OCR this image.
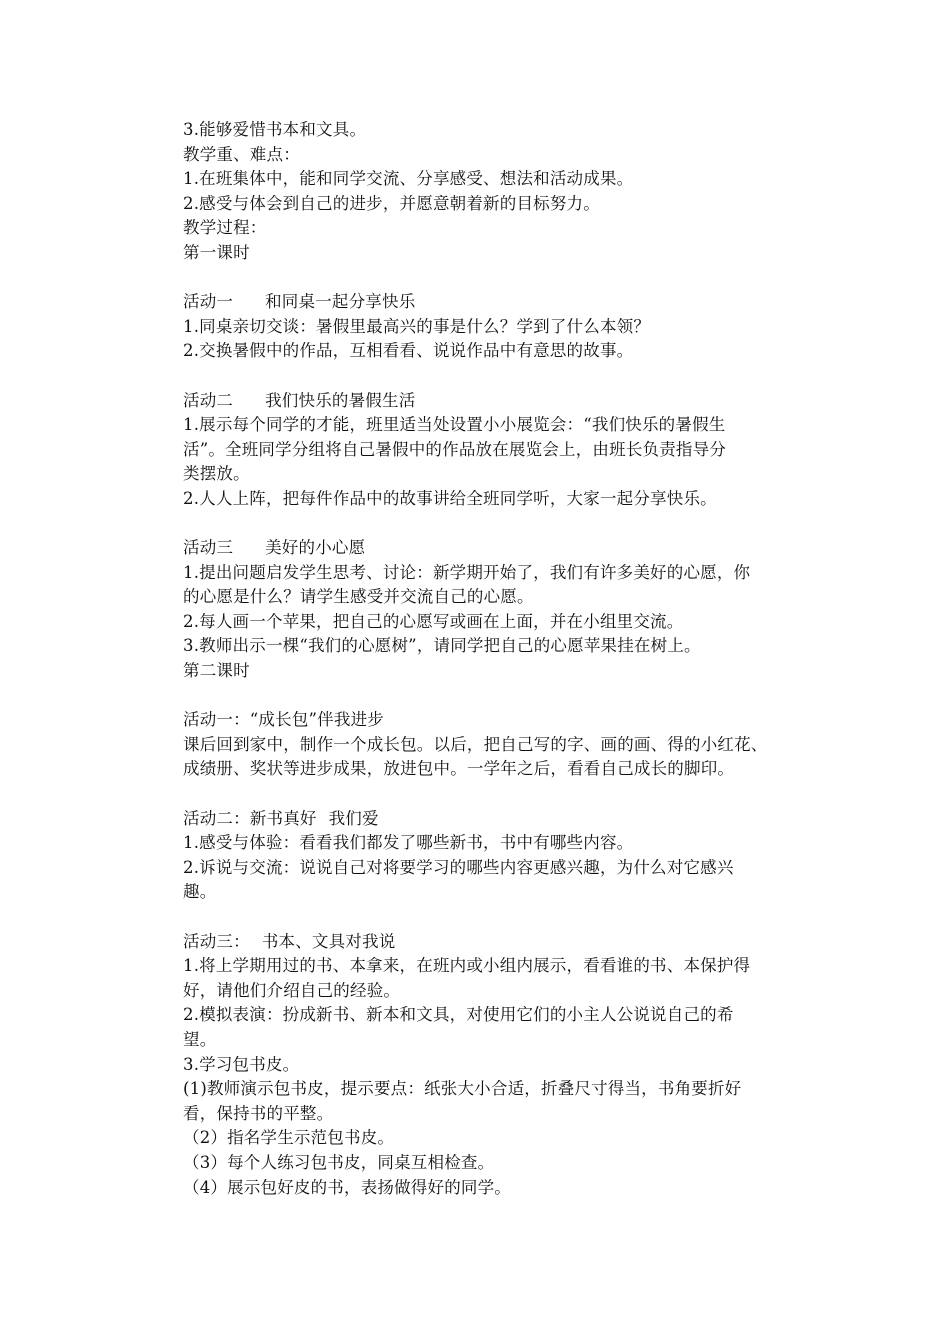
3.能够爱惜书本和文具。
教学重、难点：
1.在班集体中，能和同学交流、分享感受、想法和活动成果。
2.感受与体会到自己的进步，并愿意朝着新的目标努力。
教学过程：
第一课时
活动一 和同桌一起分享快乐
1.同桌亲切交谈：暑假里最高兴的事是什么？学到了什么本领？
2.交换暑假中的作品，互相看看、说说作品中有意思的故事。
活动二 我们快乐的暑假生活
1.展示每个同学的才能，班里适当处设置小小展览会：“我们快乐的暑假生
活”。全班同学分组将自己暑假中的作品放在展览会上，由班长负责指导分
类摆放。
2.人人上阵，把每件作品中的故事讲给全班同学听，大家一起分享快乐。
活动三 美好的小心愿
1.提出问题启发学生思考、讨论：新学期开始了，我们有许多美好的心愿，你
的心愿是什么？请学生感受并交流自己的心愿。
2.每人画一个苹果，把自己的心愿写或画在上面，并在小组里交流。
3.教师出示一棵“我们的心愿树”，请同学把自己的心愿苹果挂在树上。
第二课时
活动一：“成长包”伴我进步
课后回到家中，制作一个成长包。以后，把自己写的字、画的画、得的小红花、
成绩册、奖状等进步成果，放进包中。一学年之后，看看自己成长的脚印。
活动二：新书真好 我们爱
1.感受与体验：看看我们都发了哪些新书，书中有哪些内容。
2.诉说与交流：说说自己对将要学习的哪些内容更感兴趣，为什么对它感兴
趣。
活动三： 书本、文具对我说
1.将上学期用过的书、本拿来，在班内或小组内展示，看看谁的书、本保护得
好，请他们介绍自己的经验。
2.模拟表演：扮成新书、新本和文具，对使用它们的小主人公说说自己的希
望。
3.学习包书皮。
(1)教师演示包书皮，提示要点：纸张大小合适，折叠尺寸得当，书角要折好
看，保持书的平整。
（2）指名学生示范包书皮。
（3）每个人练习包书皮，同桌互相检查。
（4）展示包好皮的书，表扬做得好的同学。
